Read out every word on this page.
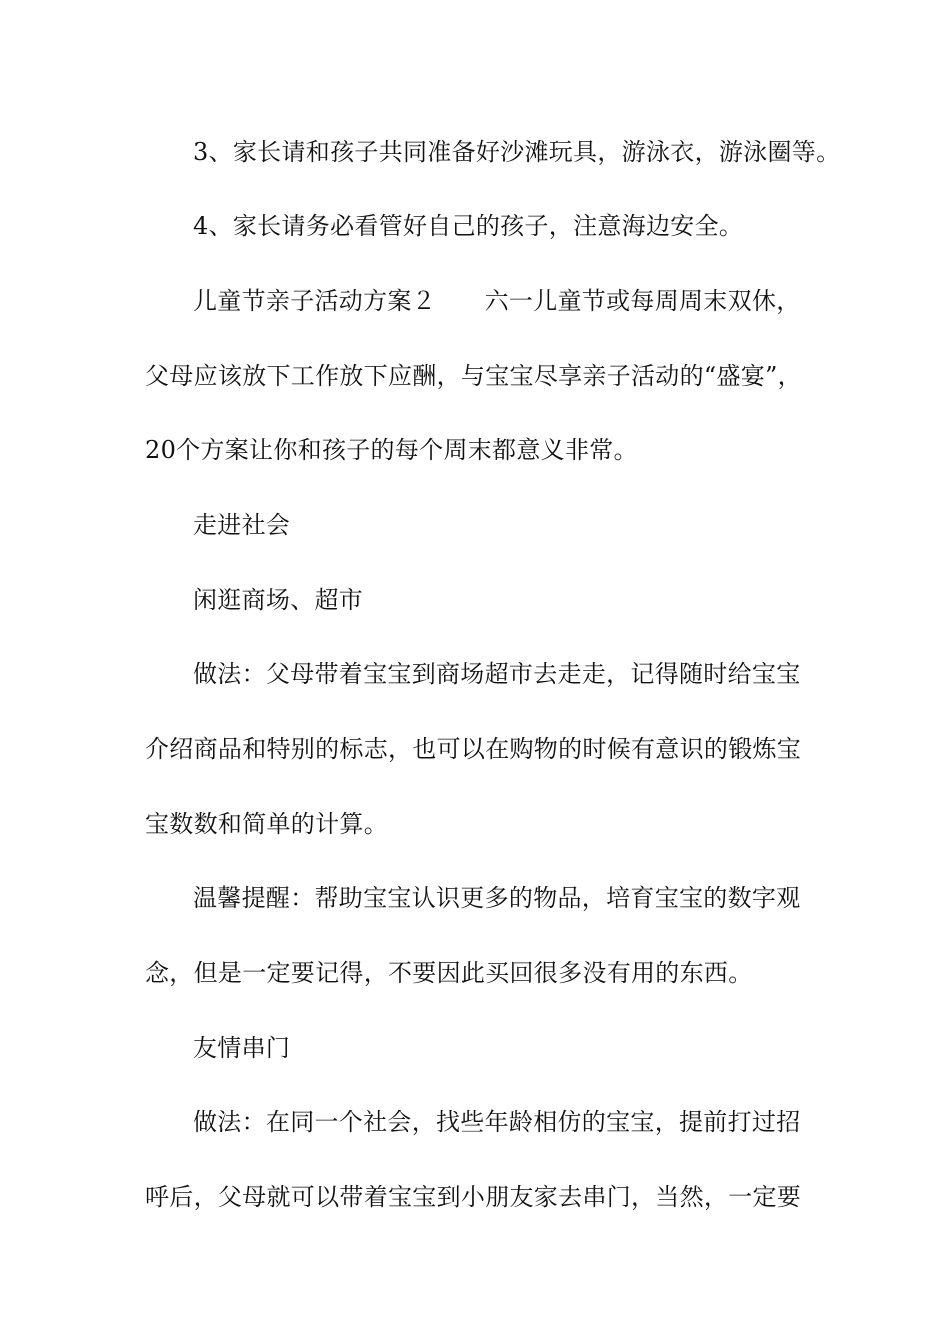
3、家长请和孩子共同准备好沙滩玩具，游泳衣，游泳圈等。
4、家长请务必看管好自己的孩子，注意海边安全。
儿童节亲子活动方案２　　六一儿童节或每周周末双休，
父母应该放下工作放下应酬，与宝宝尽享亲子活动的“盛宴”，
20个方案让你和孩子的每个周末都意义非常。
走进社会
闲逛商场、超市
做法：父母带着宝宝到商场超市去走走，记得随时给宝宝
介绍商品和特别的标志，也可以在购物的时候有意识的锻炼宝
宝数数和简单的计算。
温馨提醒：帮助宝宝认识更多的物品，培育宝宝的数字观
念，但是一定要记得，不要因此买回很多没有用的东西。
友情串门
做法：在同一个社会，找些年龄相仿的宝宝，提前打过招
呼后，父母就可以带着宝宝到小朋友家去串门，当然，一定要
